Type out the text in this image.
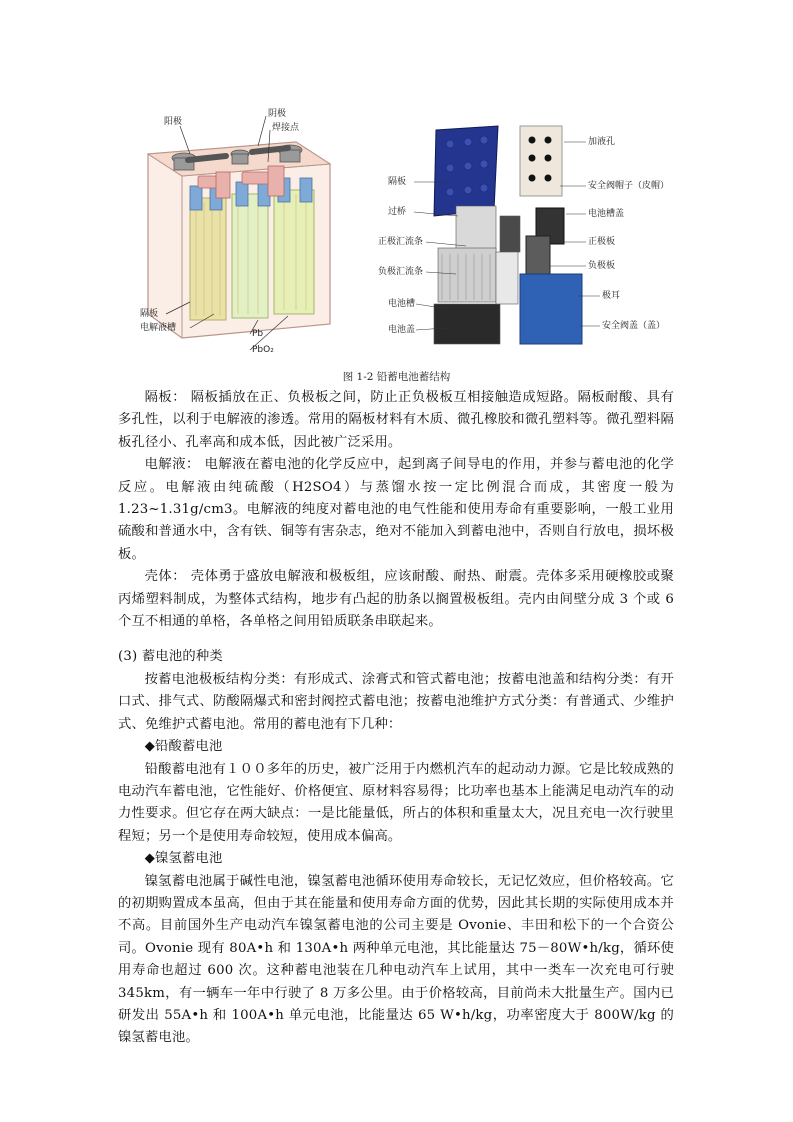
阳极
阴极
焊接点
隔板
电解液槽
Pb
PbO₂
隔板
过桥
正极汇流条
负极汇流条
电池槽
电池盖
加液孔
安全阀帽子（皮帽）
电池槽盖
正极板
负极板
极耳
安全阀盖（盖）
图 1-2 铅蓄电池蓄结构

隔板： 隔板插放在正、负极板之间，防止正负极板互相接触造成短路。隔板耐酸、具有多孔性，以利于电解液的渗透。常用的隔板材料有木质、微孔橡胶和微孔塑料等。微孔塑料隔板孔径小、孔率高和成本低，因此被广泛采用。

电解液： 电解液在蓄电池的化学反应中，起到离子间导电的作用，并参与蓄电池的化学反应。电解液由纯硫酸（H2SO4）与蒸馏水按一定比例混合而成，其密度一般为1.23~1.31g/cm3。电解液的纯度对蓄电池的电气性能和使用寿命有重要影响，一般工业用硫酸和普通水中，含有铁、铜等有害杂志，绝对不能加入到蓄电池中，否则自行放电，损坏极板。

壳体： 壳体勇于盛放电解液和极板组，应该耐酸、耐热、耐震。壳体多采用硬橡胶或聚丙烯塑料制成，为整体式结构，地步有凸起的肋条以搁置极板组。壳内由间壁分成 3 个或 6 个互不相通的单格，各单格之间用铅质联条串联起来。

(3) 蓄电池的种类

按蓄电池极板结构分类：有形成式、涂膏式和管式蓄电池；按蓄电池盖和结构分类：有开口式、排气式、防酸隔爆式和密封阀控式蓄电池；按蓄电池维护方式分类：有普通式、少维护式、免维护式蓄电池。常用的蓄电池有下几种：

◆铅酸蓄电池

铅酸蓄电池有１００多年的历史，被广泛用于内燃机汽车的起动动力源。它是比较成熟的电动汽车蓄电池，它性能好、价格便宜、原材料容易得；比功率也基本上能满足电动汽车的动力性要求。但它存在两大缺点：一是比能量低，所占的体积和重量太大，况且充电一次行驶里程短；另一个是使用寿命较短，使用成本偏高。

◆镍氢蓄电池

镍氢蓄电池属于碱性电池，镍氢蓄电池循环使用寿命较长，无记忆效应，但价格较高。它的初期购置成本虽高，但由于其在能量和使用寿命方面的优势，因此其长期的实际使用成本并不高。目前国外生产电动汽车镍氢蓄电池的公司主要是 Ovonie、丰田和松下的一个合资公司。Ovonie 现有 80A•h 和 130A•h 两种单元电池，其比能量达 75－80W•h/kg，循环使用寿命也超过 600 次。这种蓄电池装在几种电动汽车上试用，其中一类车一次充电可行驶 345km，有一辆车一年中行驶了 8 万多公里。由于价格较高，目前尚未大批量生产。国内已研发出 55A•h 和 100A•h 单元电池，比能量达 65 W•h/kg，功率密度大于 800W/kg 的镍氢蓄电池。
